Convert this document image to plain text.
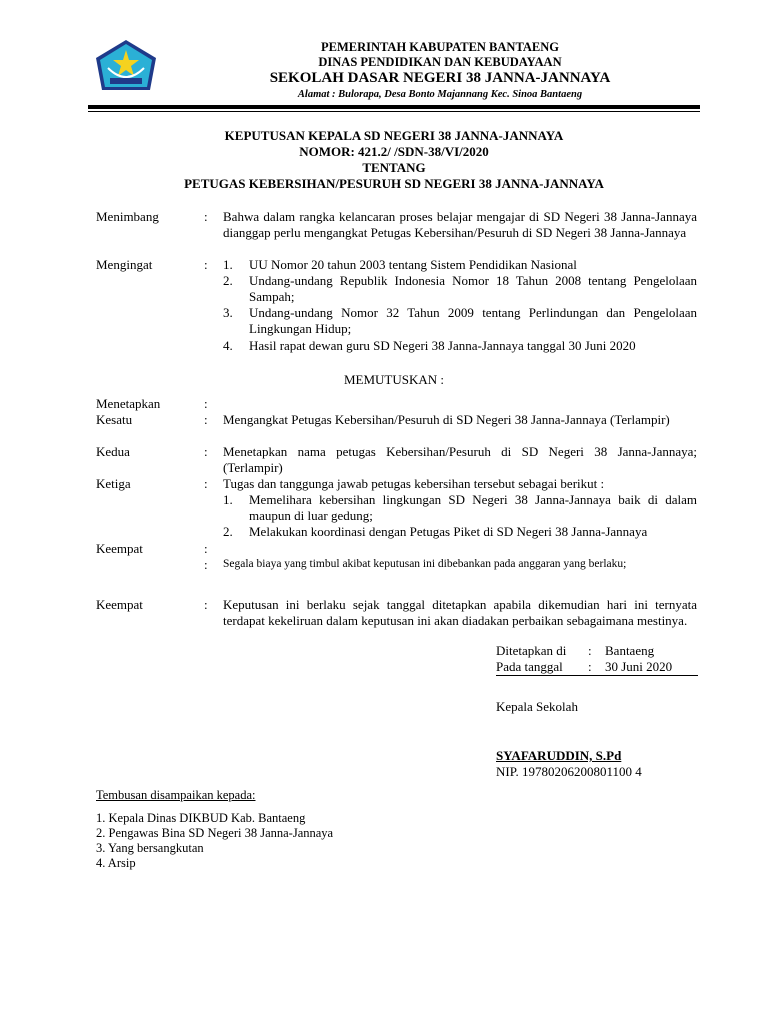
PEMERINTAH KABUPATEN BANTAENG
DINAS PENDIDIKAN DAN KEBUDAYAAN
SEKOLAH DASAR NEGERI 38 JANNA-JANNAYA
Alamat : Bulorapa, Desa Bonto Majannang Kec. Sinoa Bantaeng
KEPUTUSAN KEPALA SD NEGERI 38 JANNA-JANNAYA
NOMOR: 421.2/ /SDN-38/VI/2020
TENTANG
PETUGAS KEBERSIHAN/PESURUH SD NEGERI 38 JANNA-JANNAYA
Menimbang	: Bahwa dalam rangka kelancaran proses belajar mengajar di SD Negeri 38 Janna-Jannaya dianggap perlu mengangkat Petugas Kebersihan/Pesuruh di SD Negeri 38 Janna-Jannaya
Mengingat	: 1. UU Nomor 20 tahun 2003 tentang Sistem Pendidikan Nasional
2. Undang-undang Republik Indonesia Nomor 18 Tahun 2008 tentang Pengelolaan Sampah;
3. Undang-undang Nomor 32 Tahun 2009 tentang Perlindungan dan Pengelolaan Lingkungan Hidup;
4. Hasil rapat dewan guru SD Negeri 38 Janna-Jannaya tanggal 30 Juni 2020
MEMUTUSKAN :
Menetapkan	:
Kesatu	: Mengangkat Petugas Kebersihan/Pesuruh di SD Negeri 38 Janna-Jannaya (Terlampir)
Kedua	: Menetapkan nama petugas Kebersihan/Pesuruh di SD Negeri 38 Janna-Jannaya; (Terlampir)
Ketiga	: Tugas dan tanggunga jawab petugas kebersihan tersebut sebagai berikut :
1. Memelihara kebersihan lingkungan SD Negeri 38 Janna-Jannaya baik di dalam maupun di luar gedung;
2. Melakukan koordinasi dengan Petugas Piket di SD Negeri 38 Janna-Jannaya
Keempat	:
: Segala biaya yang timbul akibat keputusan ini dibebankan pada anggaran yang berlaku;
Keempat	: Keputusan ini berlaku sejak tanggal ditetapkan apabila dikemudian hari ini ternyata terdapat kekeliruan dalam keputusan ini akan diadakan perbaikan sebagaimana mestinya.
Ditetapkan di : Bantaeng
Pada tanggal : 30 Juni 2020
Kepala Sekolah
SYAFARUDDIN, S.Pd
NIP. 19780206200801100 4
Tembusan disampaikan kepada:
1. Kepala Dinas DIKBUD Kab. Bantaeng
2. Pengawas Bina SD Negeri 38 Janna-Jannaya
3. Yang bersangkutan
4. Arsip
